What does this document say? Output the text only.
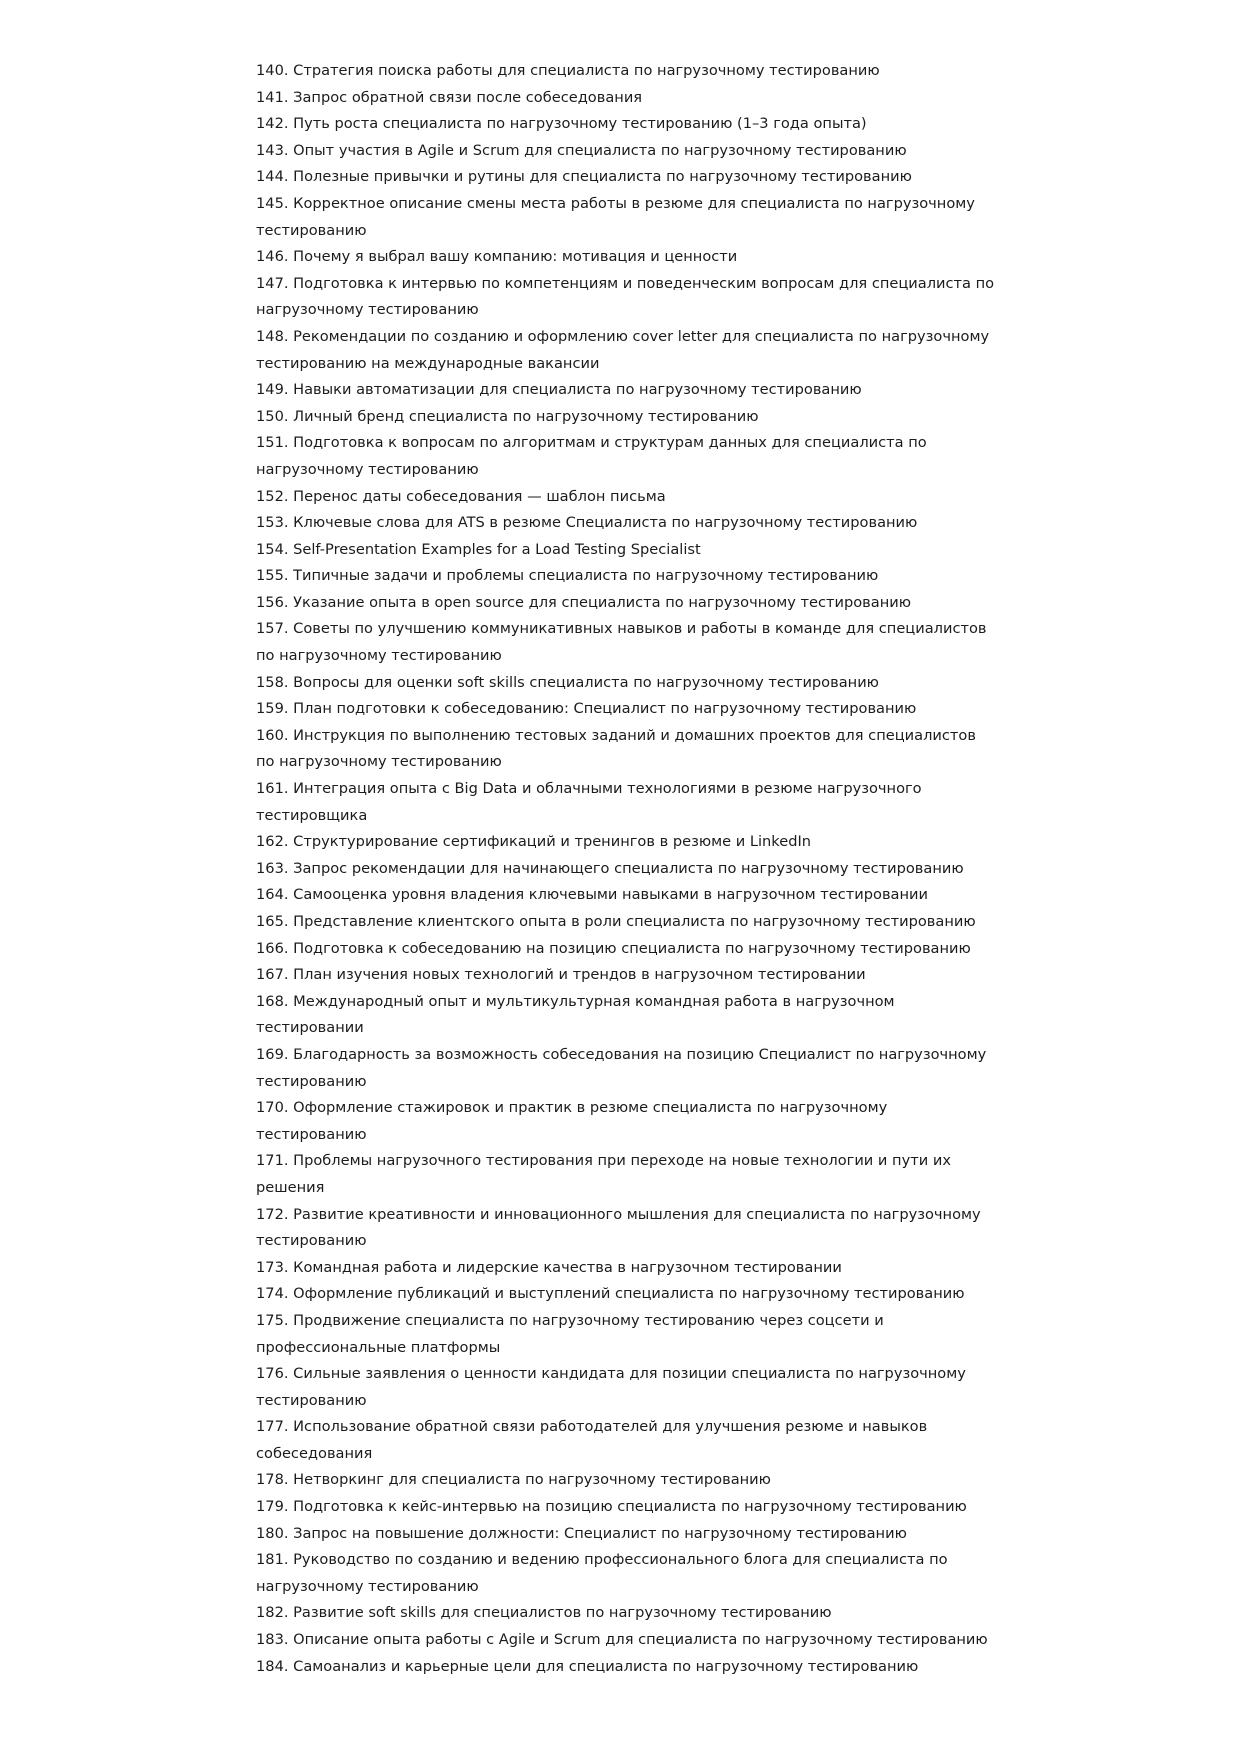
140. Стратегия поиска работы для специалиста по нагрузочному тестированию

141. Запрос обратной связи после собеседования

142. Путь роста специалиста по нагрузочному тестированию (1–3 года опыта)

143. Опыт участия в Agile и Scrum для специалиста по нагрузочному тестированию

144. Полезные привычки и рутины для специалиста по нагрузочному тестированию

145. Корректное описание смены места работы в резюме для специалиста по нагрузочному тестированию

146. Почему я выбрал вашу компанию: мотивация и ценности

147. Подготовка к интервью по компетенциям и поведенческим вопросам для специалиста по нагрузочному тестированию

148. Рекомендации по созданию и оформлению cover letter для специалиста по нагрузочному тестированию на международные вакансии

149. Навыки автоматизации для специалиста по нагрузочному тестированию

150. Личный бренд специалиста по нагрузочному тестированию

151. Подготовка к вопросам по алгоритмам и структурам данных для специалиста по нагрузочному тестированию

152. Перенос даты собеседования — шаблон письма

153. Ключевые слова для ATS в резюме Специалиста по нагрузочному тестированию

154. Self-Presentation Examples for a Load Testing Specialist

155. Типичные задачи и проблемы специалиста по нагрузочному тестированию

156. Указание опыта в open source для специалиста по нагрузочному тестированию

157. Советы по улучшению коммуникативных навыков и работы в команде для специалистов по нагрузочному тестированию

158. Вопросы для оценки soft skills специалиста по нагрузочному тестированию

159. План подготовки к собеседованию: Специалист по нагрузочному тестированию

160. Инструкция по выполнению тестовых заданий и домашних проектов для специалистов по нагрузочному тестированию

161. Интеграция опыта с Big Data и облачными технологиями в резюме нагрузочного тестировщика

162. Структурирование сертификаций и тренингов в резюме и LinkedIn

163. Запрос рекомендации для начинающего специалиста по нагрузочному тестированию

164. Самооценка уровня владения ключевыми навыками в нагрузочном тестировании

165. Представление клиентского опыта в роли специалиста по нагрузочному тестированию

166. Подготовка к собеседованию на позицию специалиста по нагрузочному тестированию

167. План изучения новых технологий и трендов в нагрузочном тестировании

168. Международный опыт и мультикультурная командная работа в нагрузочном тестировании

169. Благодарность за возможность собеседования на позицию Специалист по нагрузочному тестированию

170. Оформление стажировок и практик в резюме специалиста по нагрузочному тестированию

171. Проблемы нагрузочного тестирования при переходе на новые технологии и пути их решения

172. Развитие креативности и инновационного мышления для специалиста по нагрузочному тестированию

173. Командная работа и лидерские качества в нагрузочном тестировании

174. Оформление публикаций и выступлений специалиста по нагрузочному тестированию

175. Продвижение специалиста по нагрузочному тестированию через соцсети и профессиональные платформы

176. Сильные заявления о ценности кандидата для позиции специалиста по нагрузочному тестированию

177. Использование обратной связи работодателей для улучшения резюме и навыков собеседования

178. Нетворкинг для специалиста по нагрузочному тестированию

179. Подготовка к кейс-интервью на позицию специалиста по нагрузочному тестированию

180. Запрос на повышение должности: Специалист по нагрузочному тестированию

181. Руководство по созданию и ведению профессионального блога для специалиста по нагрузочному тестированию

182. Развитие soft skills для специалистов по нагрузочному тестированию

183. Описание опыта работы с Agile и Scrum для специалиста по нагрузочному тестированию

184. Самоанализ и карьерные цели для специалиста по нагрузочному тестированию
